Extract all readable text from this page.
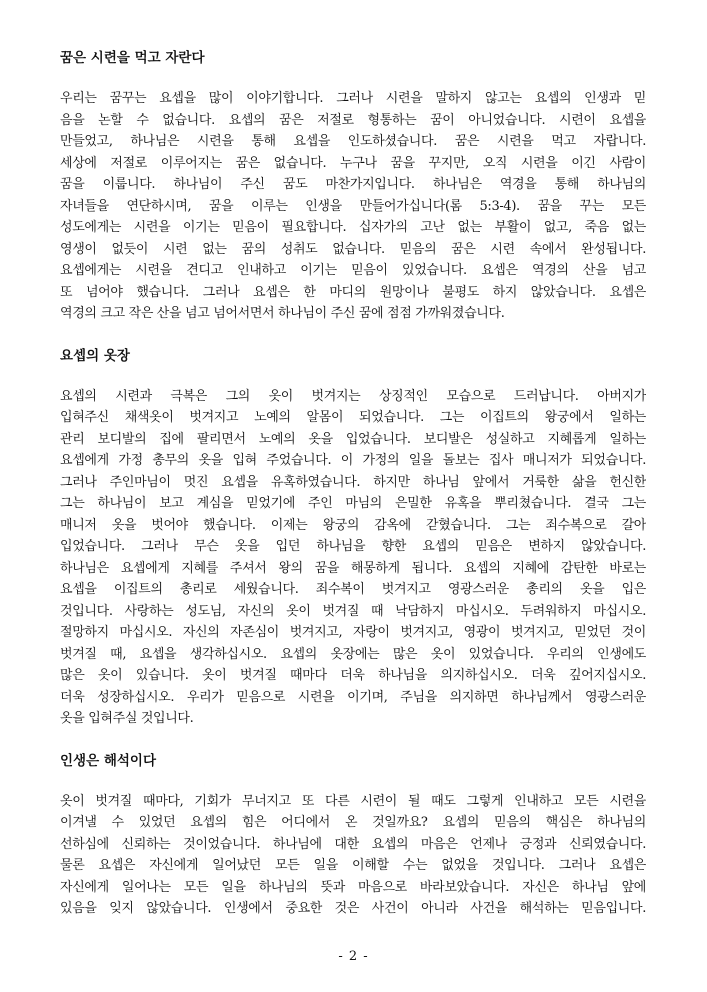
꿈은 시련을 먹고 자란다
우리는 꿈꾸는 요셉을 많이 이야기합니다. 그러나 시련을 말하지 않고는 요셉의 인생과 믿
음을 논할 수 없습니다. 요셉의 꿈은 저절로 형통하는 꿈이 아니었습니다. 시련이 요셉을
만들었고, 하나님은 시련을 통해 요셉을 인도하셨습니다. 꿈은 시련을 먹고 자랍니다.
세상에 저절로 이루어지는 꿈은 없습니다. 누구나 꿈을 꾸지만, 오직 시련을 이긴 사람이
꿈을 이룹니다. 하나님이 주신 꿈도 마찬가지입니다. 하나님은 역경을 통해 하나님의
자녀들을 연단하시며, 꿈을 이루는 인생을 만들어가십니다(롬 5:3-4). 꿈을 꾸는 모든
성도에게는 시련을 이기는 믿음이 필요합니다. 십자가의 고난 없는 부활이 없고, 죽음 없는
영생이 없듯이 시련 없는 꿈의 성취도 없습니다. 믿음의 꿈은 시련 속에서 완성됩니다.
요셉에게는 시련을 견디고 인내하고 이기는 믿음이 있었습니다. 요셉은 역경의 산을 넘고
또 넘어야 했습니다. 그러나 요셉은 한 마디의 원망이나 불평도 하지 않았습니다. 요셉은
역경의 크고 작은 산을 넘고 넘어서면서 하나님이 주신 꿈에 점점 가까워졌습니다.
요셉의 옷장
요셉의 시련과 극복은 그의 옷이 벗겨지는 상징적인 모습으로 드러납니다. 아버지가
입혀주신 채색옷이 벗겨지고 노예의 알몸이 되었습니다. 그는 이집트의 왕궁에서 일하는
관리 보디발의 집에 팔리면서 노예의 옷을 입었습니다. 보디발은 성실하고 지혜롭게 일하는
요셉에게 가정 총무의 옷을 입혀 주었습니다. 이 가정의 일을 돌보는 집사 매니저가 되었습니다.
그러나 주인마님이 멋진 요셉을 유혹하였습니다. 하지만 하나님 앞에서 거룩한 삶을 헌신한
그는 하나님이 보고 계심을 믿었기에 주인 마님의 은밀한 유혹을 뿌리쳤습니다. 결국 그는
매니저 옷을 벗어야 했습니다. 이제는 왕궁의 감옥에 갇혔습니다. 그는 죄수복으로 갈아
입었습니다. 그러나 무슨 옷을 입던 하나님을 향한 요셉의 믿음은 변하지 않았습니다.
하나님은 요셉에게 지혜를 주셔서 왕의 꿈을 해몽하게 됩니다. 요셉의 지혜에 감탄한 바로는
요셉을 이집트의 총리로 세웠습니다. 죄수복이 벗겨지고 영광스러운 총리의 옷을 입은
것입니다. 사랑하는 성도님, 자신의 옷이 벗겨질 때 낙담하지 마십시오. 두려워하지 마십시오.
절망하지 마십시오. 자신의 자존심이 벗겨지고, 자랑이 벗겨지고, 영광이 벗겨지고, 믿었던 것이
벗겨질 때, 요셉을 생각하십시오. 요셉의 옷장에는 많은 옷이 있었습니다. 우리의 인생에도
많은 옷이 있습니다. 옷이 벗겨질 때마다 더욱 하나님을 의지하십시오. 더욱 깊어지십시오.
더욱 성장하십시오. 우리가 믿음으로 시련을 이기며, 주님을 의지하면 하나님께서 영광스러운
옷을 입혀주실 것입니다.
인생은 해석이다
옷이 벗겨질 때마다, 기회가 무너지고 또 다른 시련이 될 때도 그렇게 인내하고 모든 시련을
이겨낼 수 있었던 요셉의 힘은 어디에서 온 것일까요? 요셉의 믿음의 핵심은 하나님의
선하심에 신뢰하는 것이었습니다. 하나님에 대한 요셉의 마음은 언제나 긍정과 신뢰였습니다.
물론 요셉은 자신에게 일어났던 모든 일을 이해할 수는 없었을 것입니다. 그러나 요셉은
자신에게 일어나는 모든 일을 하나님의 뜻과 마음으로 바라보았습니다. 자신은 하나님 앞에
있음을 잊지 않았습니다. 인생에서 중요한 것은 사건이 아니라 사건을 해석하는 믿음입니다.
- 2 -
